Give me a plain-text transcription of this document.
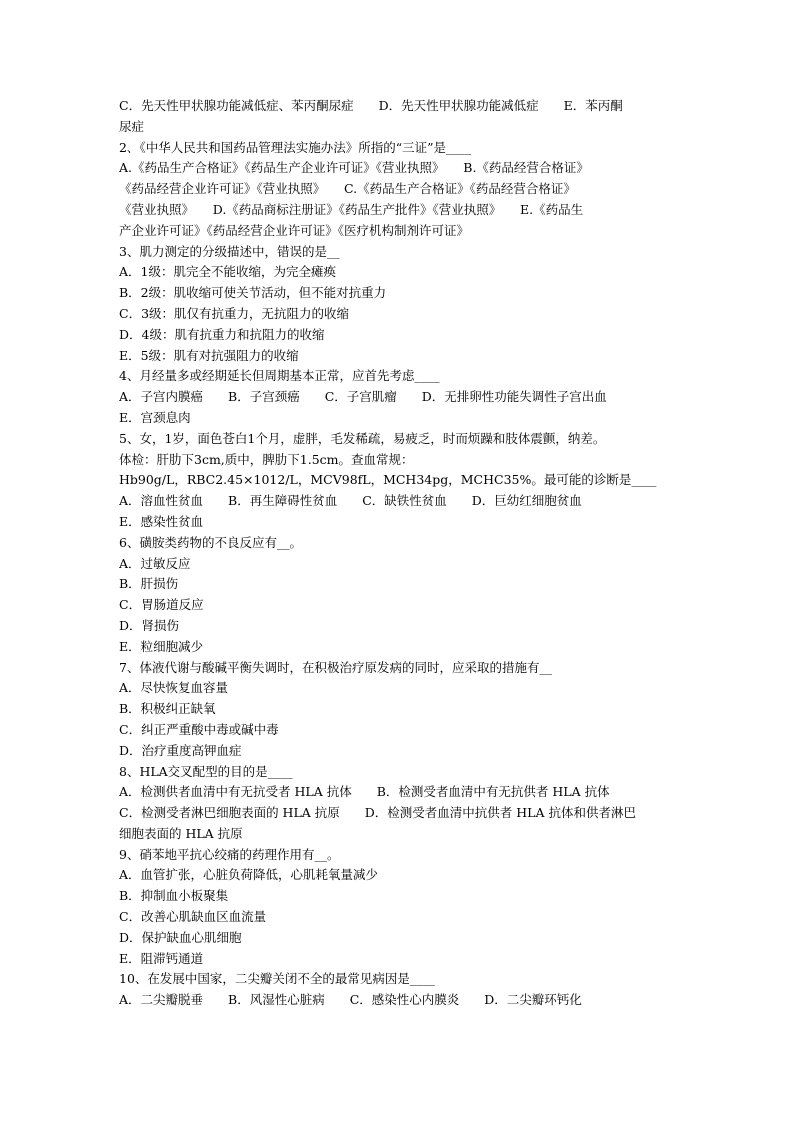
C．先天性甲状腺功能减低症、苯丙酮尿症　　D．先天性甲状腺功能减低症　　E．苯丙酮
尿症
2､《中华人民共和国药品管理法实施办法》所指的“三证”是____
A.《药品生产合格证》《药品生产企业许可证》《营业执照》　　B.《药品经营合格证》
《药品经营企业许可证》《营业执照》　　C.《药品生产合格证》《药品经营合格证》
《营业执照》　　D.《药品商标注册证》《药品生产批件》《营业执照》　　E.《药品生
产企业许可证》《药品经营企业许可证》《医疗机构制剂许可证》
3、肌力测定的分级描述中，错误的是__
A．1级：肌完全不能收缩，为完全瘫痪
B．2级：肌收缩可使关节活动，但不能对抗重力
C．3级：肌仅有抗重力，无抗阻力的收缩
D．4级：肌有抗重力和抗阻力的收缩
E．5级：肌有对抗强阻力的收缩
4、月经量多或经期延长但周期基本正常，应首先考虑____
A．子宫内膜癌　　B．子宫颈癌　　C．子宫肌瘤　　D．无排卵性功能失调性子宫出血
E．宫颈息肉
5、女，1岁，面色苍白1个月，虚胖，毛发稀疏，易疲乏，时而烦躁和肢体震颤，纳差。
体检：肝肋下3cm,质中，脾肋下1.5cm。查血常规：
Hb90g/L，RBC2.45×1012/L，MCV98fL，MCH34pg，MCHC35%。最可能的诊断是____
A．溶血性贫血　　B．再生障碍性贫血　　C．缺铁性贫血　　D．巨幼红细胞贫血
E．感染性贫血
6、磺胺类药物的不良反应有__。
A．过敏反应
B．肝损伤
C．胃肠道反应
D．肾损伤
E．粒细胞减少
7、体液代谢与酸碱平衡失调时，在积极治疗原发病的同时，应采取的措施有__
A．尽快恢复血容量
B．积极纠正缺氧
C．纠正严重酸中毒或碱中毒
D．治疗重度高钾血症
8、HLA交叉配型的目的是____
A．检测供者血清中有无抗受者 HLA 抗体　　B．检测受者血清中有无抗供者 HLA 抗体
C．检测受者淋巴细胞表面的 HLA 抗原　　D．检测受者血清中抗供者 HLA 抗体和供者淋巴
细胞表面的 HLA 抗原
9、硝苯地平抗心绞痛的药理作用有__。
A．血管扩张，心脏负荷降低，心肌耗氧量减少
B．抑制血小板聚集
C．改善心肌缺血区血流量
D．保护缺血心肌细胞
E．阻滞钙通道
10、在发展中国家，二尖瓣关闭不全的最常见病因是____
A．二尖瓣脱垂　　B．风湿性心脏病　　C．感染性心内膜炎　　D．二尖瓣环钙化
